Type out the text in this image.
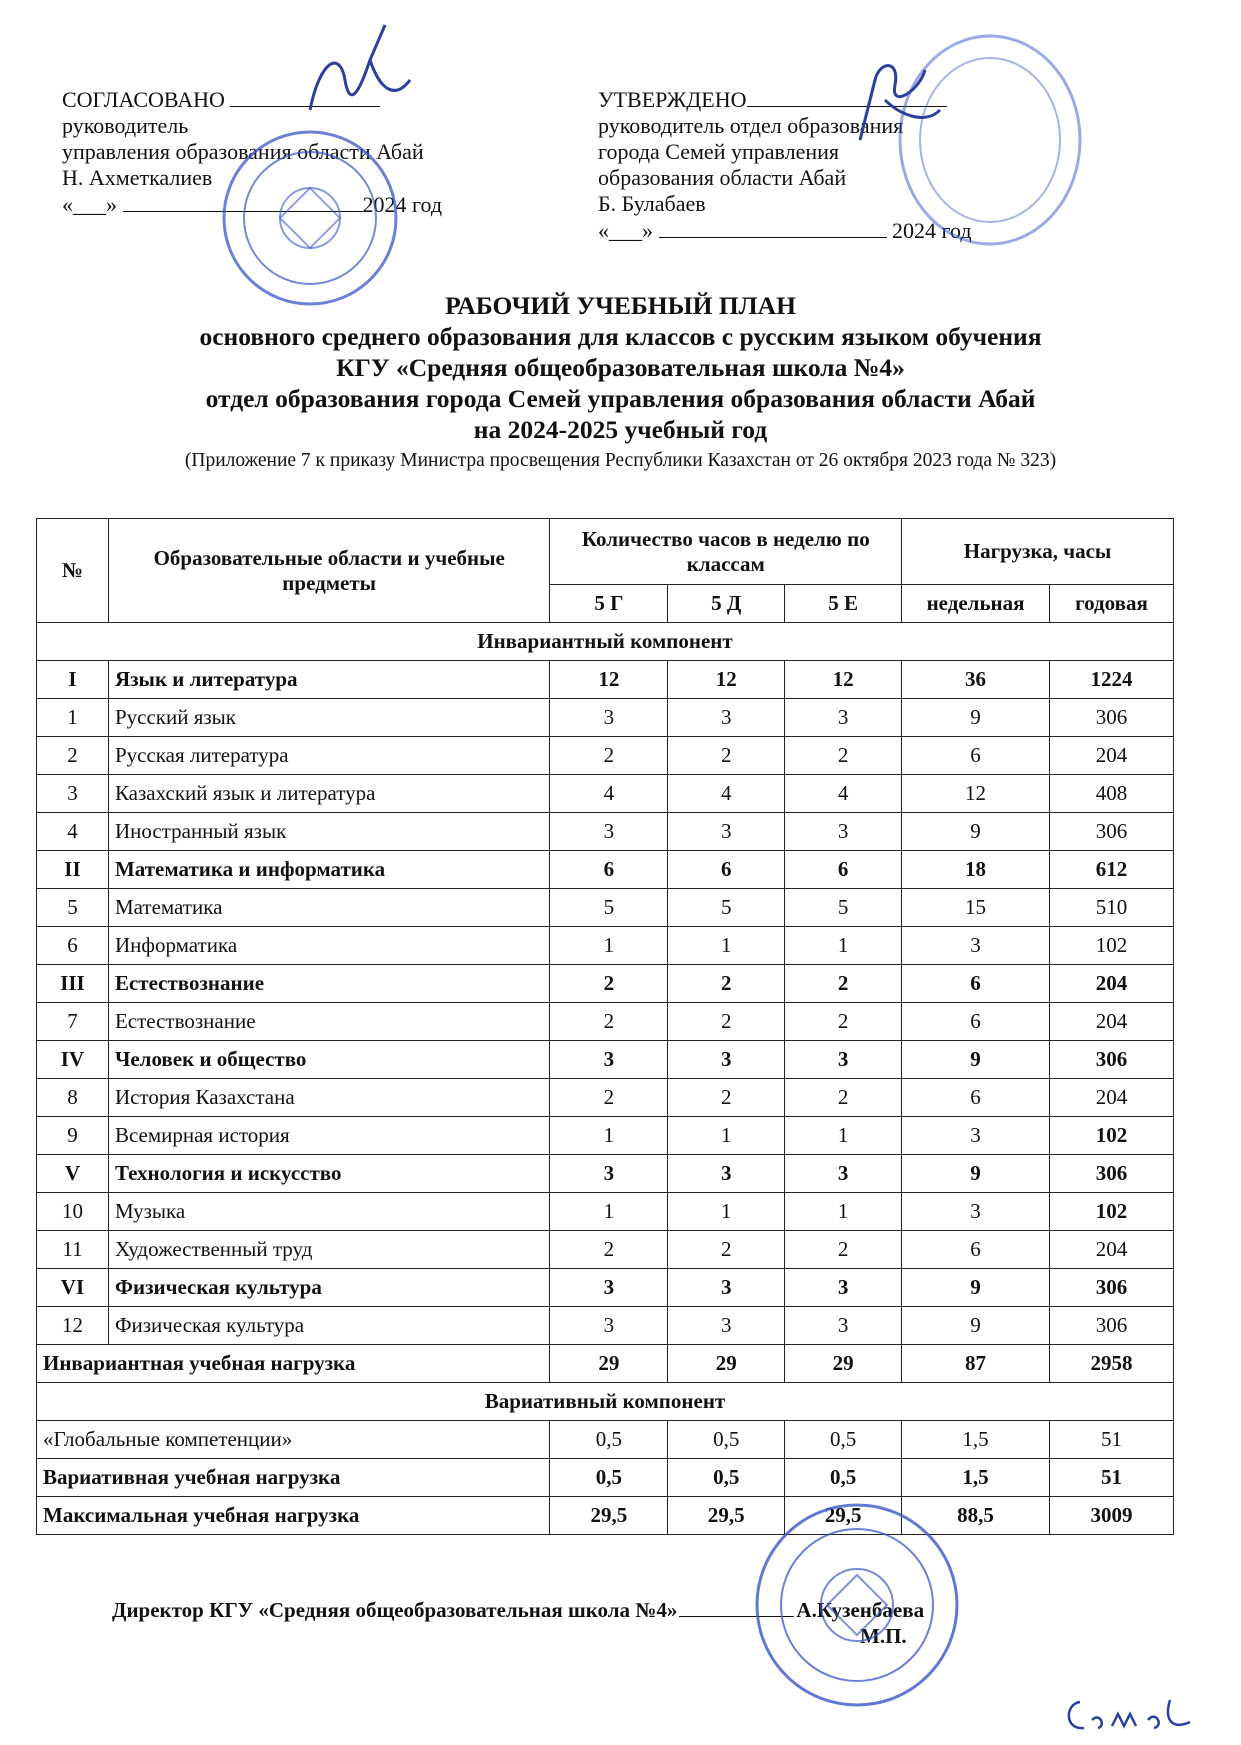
СОГЛАСОВАНО
руководитель
управления образования области Абай
Н. Ахметкалиев
«___»	2024 год
УТВЕРЖДЕНО
руководитель отдел образования
города Семей управления
образования области Абай
Б. Булабаев
«___»	2024 год
РАБОЧИЙ УЧЕБНЫЙ ПЛАН
основного среднего образования для классов с русским языком обучения
КГУ «Средняя общеобразовательная школа №4»
отдел образования города Семей управления образования области Абай
на 2024-2025 учебный год
(Приложение 7 к приказу Министра просвещения Республики Казахстан от 26 октября 2023 года № 323)
№	Образовательные области и учебные предметы	Количество часов в неделю по классам			Нагрузка, часы	
		5 Г	5 Д	5 Е	недельная	годовая
Инвариантный компонент						
I	Язык и литература	12	12	12	36	1224
1	Русский язык	3	3	3	9	306
2	Русская литература	2	2	2	6	204
3	Казахский язык и литература	4	4	4	12	408
4	Иностранный язык	3	3	3	9	306
II	Математика и информатика	6	6	6	18	612
5	Математика	5	5	5	15	510
6	Информатика	1	1	1	3	102
III	Естествознание	2	2	2	6	204
7	Естествознание	2	2	2	6	204
IV	Человек и общество	3	3	3	9	306
8	История Казахстана	2	2	2	6	204
9	Всемирная история	1	1	1	3	102
V	Технология и искусство	3	3	3	9	306
10	Музыка	1	1	1	3	102
11	Художественный труд	2	2	2	6	204
VI	Физическая культура	3	3	3	9	306
12	Физическая культура	3	3	3	9	306
Инвариантная учебная нагрузка		29	29	29	87	2958
Вариативный компонент						
«Глобальные компетенции»		0,5	0,5	0,5	1,5	51
Вариативная учебная нагрузка		0,5	0,5	0,5	1,5	51
Максимальная учебная нагрузка		29,5	29,5	29,5	88,5	3009
Директор КГУ «Средняя общеобразовательная школа №4»	А.Кузенбаева
М.П.
